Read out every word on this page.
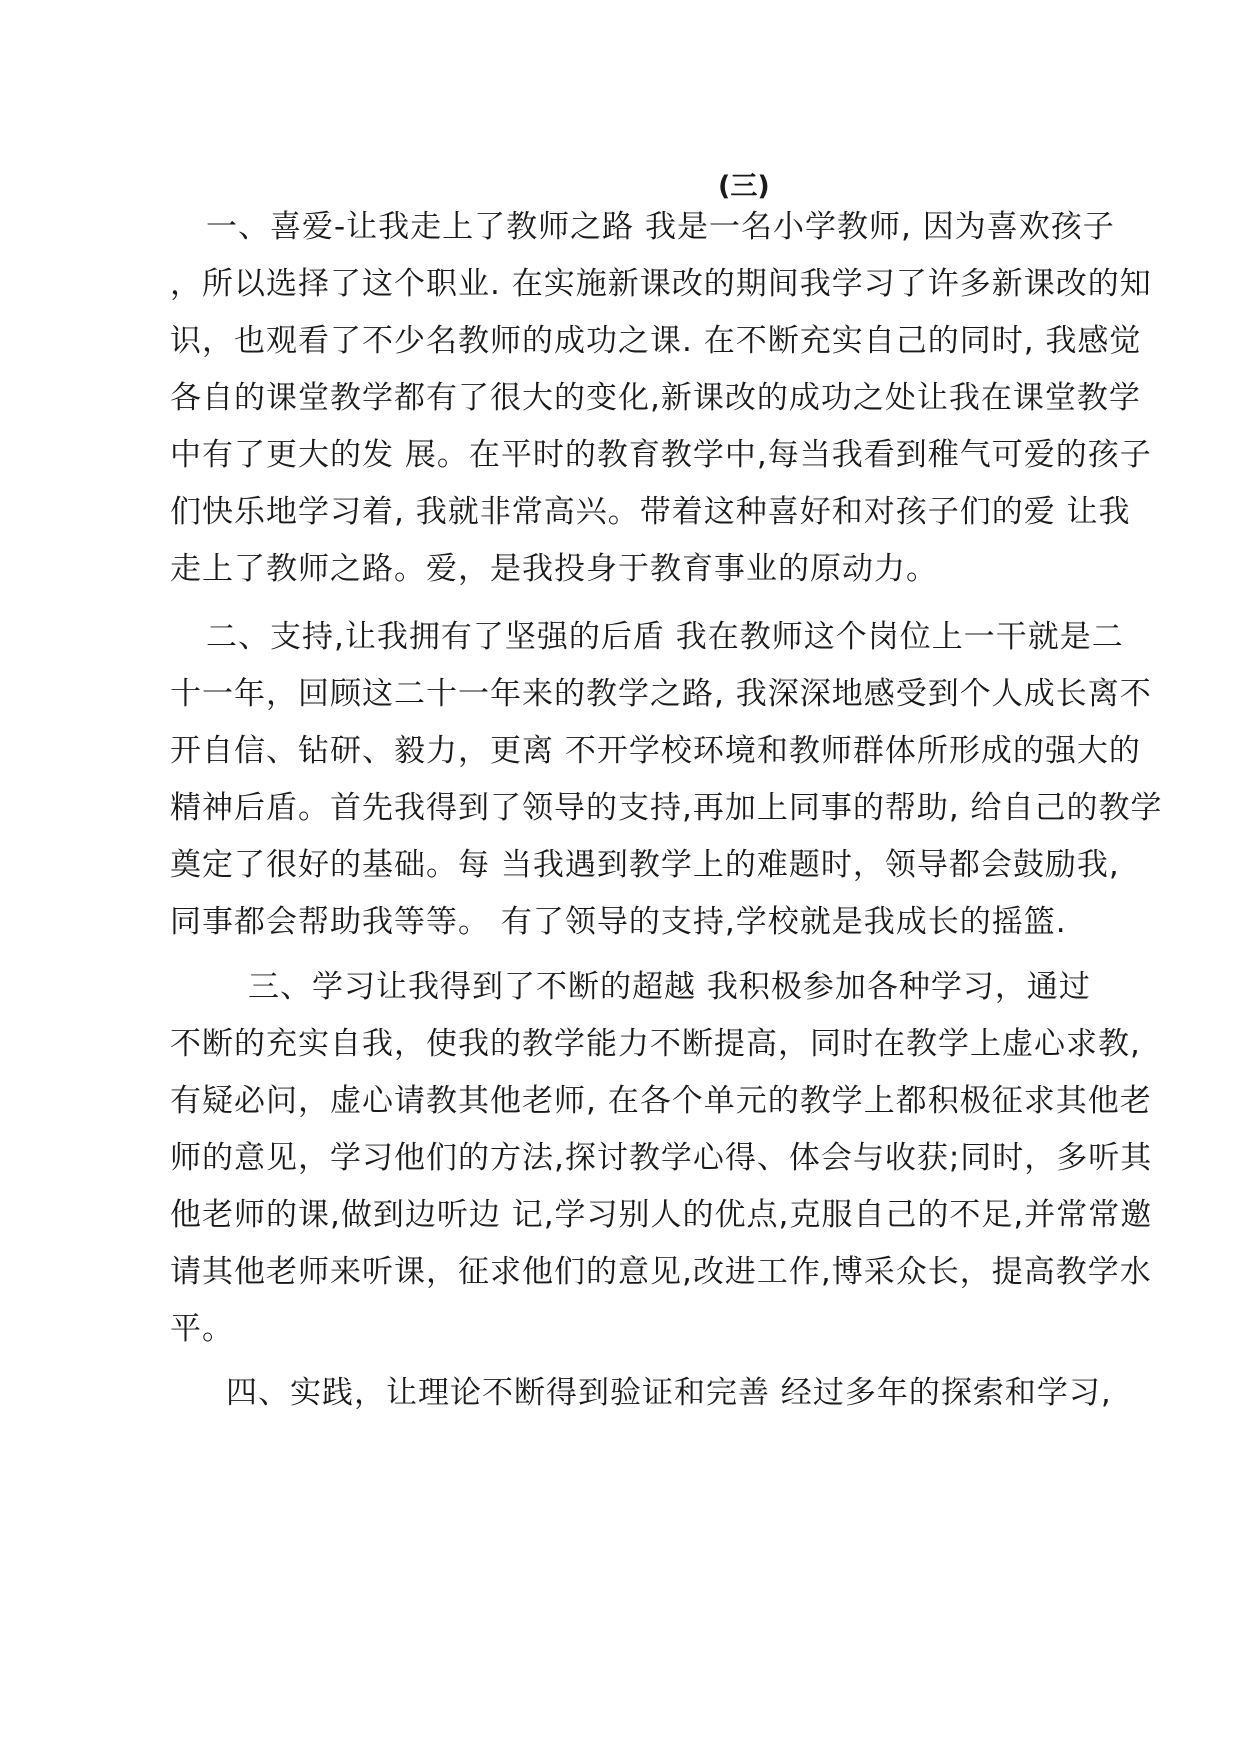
(三)
一、喜爱-让我走上了教师之路 我是一名小学教师, 因为喜欢孩子
，所以选择了这个职业. 在实施新课改的期间我学习了许多新课改的知
识，也观看了不少名教师的成功之课. 在不断充实自己的同时, 我感觉
各自的课堂教学都有了很大的变化,新课改的成功之处让我在课堂教学
中有了更大的发 展。在平时的教育教学中,每当我看到稚气可爱的孩子
们快乐地学习着, 我就非常高兴。带着这种喜好和对孩子们的爱 让我
走上了教师之路。爱，是我投身于教育事业的原动力。
二、支持,让我拥有了坚强的后盾 我在教师这个岗位上一干就是二
十一年，回顾这二十一年来的教学之路, 我深深地感受到个人成长离不
开自信、钻研、毅力，更离 不开学校环境和教师群体所形成的强大的
精神后盾。首先我得到了领导的支持,再加上同事的帮助, 给自己的教学
奠定了很好的基础。每 当我遇到教学上的难题时，领导都会鼓励我,
同事都会帮助我等等。 有了领导的支持,学校就是我成长的摇篮.
三、学习让我得到了不断的超越 我积极参加各种学习，通过
不断的充实自我，使我的教学能力不断提高，同时在教学上虚心求教,
有疑必问，虚心请教其他老师, 在各个单元的教学上都积极征求其他老
师的意见，学习他们的方法,探讨教学心得、体会与收获;同时，多听其
他老师的课,做到边听边 记,学习别人的优点,克服自己的不足,并常常邀
请其他老师来听课，征求他们的意见,改进工作,博采众长，提高教学水
平。
四、实践，让理论不断得到验证和完善 经过多年的探索和学习,
